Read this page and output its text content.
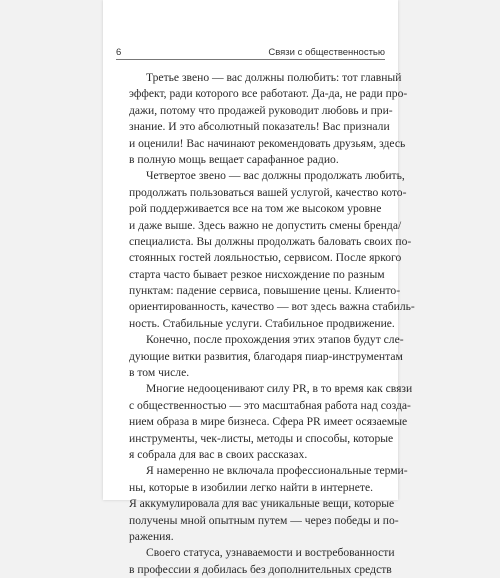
6	Связи с общественностью
Третье звено — вас должны полюбить: тот главный
эффект, ради которого все работают. Да-да, не ради про-
дажи, потому что продажей руководит любовь и при-
знание. И это абсолютный показатель! Вас признали
и оценили! Вас начинают рекомендовать друзьям, здесь
в полную мощь вещает сарафанное радио.
Четвертое звено — вас должны продолжать любить,
продолжать пользоваться вашей услугой, качество кото-
рой поддерживается все на том же высоком уровне
и даже выше. Здесь важно не допустить смены бренда/
специалиста. Вы должны продолжать баловать своих по-
стоянных гостей лояльностью, сервисом. После яркого
старта часто бывает резкое нисхождение по разным
пунктам: падение сервиса, повышение цены. Клиенто-
ориентированность, качество — вот здесь важна стабиль-
ность. Стабильные услуги. Стабильное продвижение.
Конечно, после прохождения этих этапов будут сле-
дующие витки развития, благодаря пиар-инструментам
в том числе.
Многие недооценивают силу PR, в то время как связи
с общественностью — это масштабная работа над созда-
нием образа в мире бизнеса. Сфера PR имеет осязаемые
инструменты, чек-листы, методы и способы, которые
я собрала для вас в своих рассказах.
Я намеренно не включала профессиональные терми-
ны, которые в изобилии легко найти в интернете.
Я аккумулировала для вас уникальные вещи, которые
получены мной опытным путем — через победы и по-
ражения.
Своего статуса, узнаваемости и востребованности
в профессии я добилась без дополнительных средств
